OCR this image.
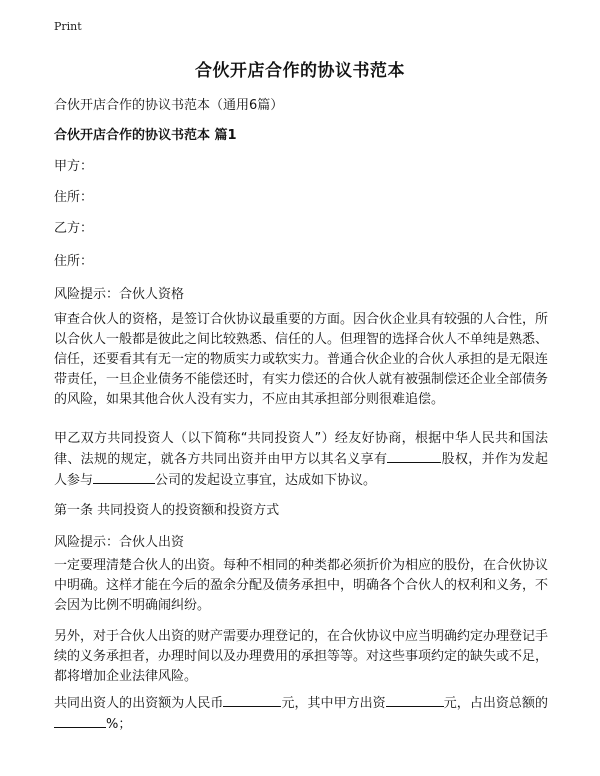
Print
合伙开店合作的协议书范本
合伙开店合作的协议书范本（通用6篇）
合伙开店合作的协议书范本 篇1
甲方：
住所：
乙方：
住所：
风险提示：合伙人资格
审查合伙人的资格，是签订合伙协议最重要的方面。因合伙企业具有较强的人合性，所以合伙人一般都是彼此之间比较熟悉、信任的人。但理智的选择合伙人不单纯是熟悉、信任，还要看其有无一定的物质实力或软实力。普通合伙企业的合伙人承担的是无限连带责任，一旦企业债务不能偿还时，有实力偿还的合伙人就有被强制偿还企业全部债务的风险，如果其他合伙人没有实力，不应由其承担部分则很难追偿。
甲乙双方共同投资人（以下简称“共同投资人”）经友好协商，根据中华人民共和国法律、法规的规定，就各方共同出资并由甲方以其名义享有	股权，并作为发起人参与	公司的发起设立事宜，达成如下协议。
第一条 共同投资人的投资额和投资方式
风险提示：合伙人出资
一定要理清楚合伙人的出资。每种不相同的种类都必须折价为相应的股份，在合伙协议中明确。这样才能在今后的盈余分配及债务承担中，明确各个合伙人的权利和义务，不会因为比例不明确闹纠纷。
另外，对于合伙人出资的财产需要办理登记的，在合伙协议中应当明确约定办理登记手续的义务承担者，办理时间以及办理费用的承担等等。对这些事项约定的缺失或不足，都将增加企业法律风险。
共同出资人的出资额为人民币	元，其中甲方出资	元，占出资总额的%；
